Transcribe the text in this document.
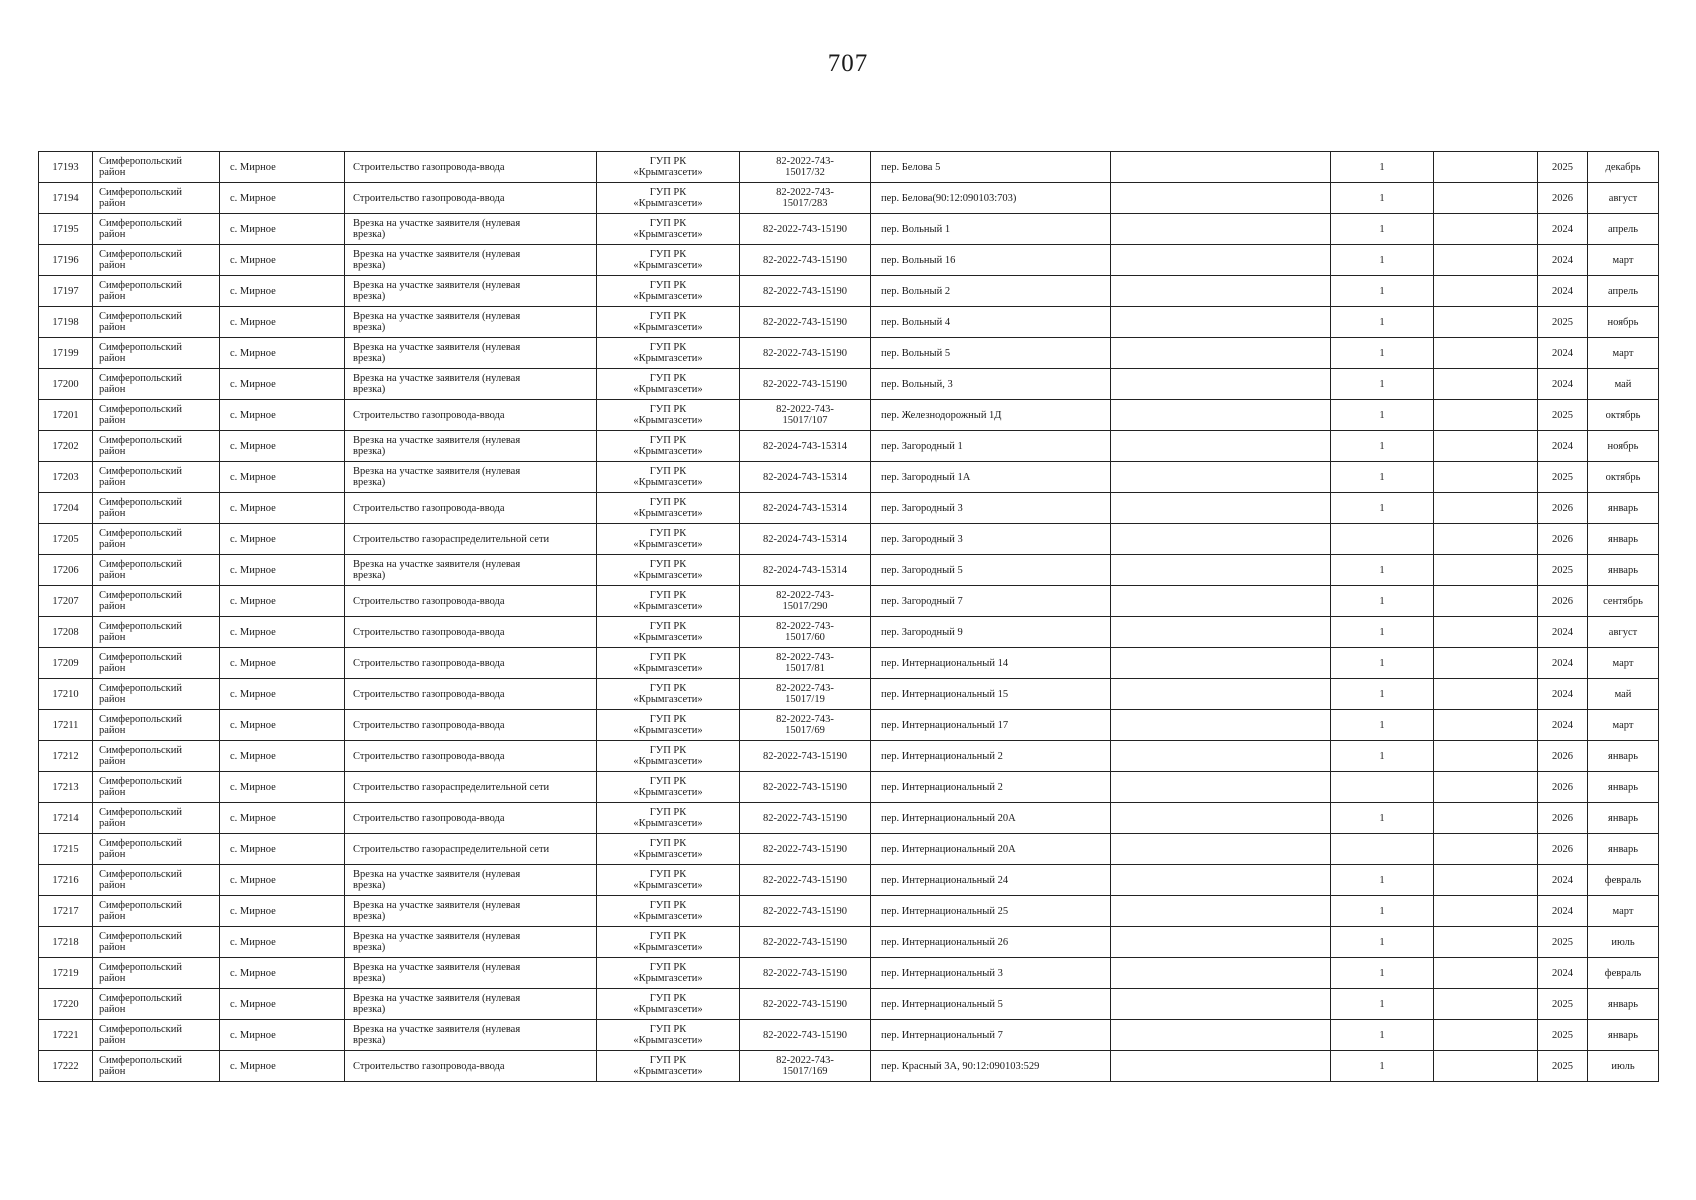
707
17193	Симферопольский
район	с. Мирное	Строительство газопровода-ввода	ГУП РК
«Крымгазсети»	82-2022-743-
15017/32	пер. Белова 5		1		2025	декабрь

17194	Симферопольский
район	с. Мирное	Строительство газопровода-ввода	ГУП РК
«Крымгазсети»	82-2022-743-
15017/283	пер. Белова(90:12:090103:703)		1		2026	август

17195	Симферопольский
район	с. Мирное	Врезка на участке заявителя (нулевая
врезка)	ГУП РК
«Крымгазсети»	82-2022-743-15190	пер. Вольный 1		1		2024	апрель

17196	Симферопольский
район	с. Мирное	Врезка на участке заявителя (нулевая
врезка)	ГУП РК
«Крымгазсети»	82-2022-743-15190	пер. Вольный 16		1		2024	март

17197	Симферопольский
район	с. Мирное	Врезка на участке заявителя (нулевая
врезка)	ГУП РК
«Крымгазсети»	82-2022-743-15190	пер. Вольный 2		1		2024	апрель

17198	Симферопольский
район	с. Мирное	Врезка на участке заявителя (нулевая
врезка)	ГУП РК
«Крымгазсети»	82-2022-743-15190	пер. Вольный 4		1		2025	ноябрь

17199	Симферопольский
район	с. Мирное	Врезка на участке заявителя (нулевая
врезка)	ГУП РК
«Крымгазсети»	82-2022-743-15190	пер. Вольный 5		1		2024	март

17200	Симферопольский
район	с. Мирное	Врезка на участке заявителя (нулевая
врезка)	ГУП РК
«Крымгазсети»	82-2022-743-15190	пер. Вольный, 3		1		2024	май

17201	Симферопольский
район	с. Мирное	Строительство газопровода-ввода	ГУП РК
«Крымгазсети»	82-2022-743-
15017/107	пер. Железнодорожный 1Д		1		2025	октябрь

17202	Симферопольский
район	с. Мирное	Врезка на участке заявителя (нулевая
врезка)	ГУП РК
«Крымгазсети»	82-2024-743-15314	пер. Загородный 1		1		2024	ноябрь

17203	Симферопольский
район	с. Мирное	Врезка на участке заявителя (нулевая
врезка)	ГУП РК
«Крымгазсети»	82-2024-743-15314	пер. Загородный 1А		1		2025	октябрь

17204	Симферопольский
район	с. Мирное	Строительство газопровода-ввода	ГУП РК
«Крымгазсети»	82-2024-743-15314	пер. Загородный 3		1		2026	январь

17205	Симферопольский
район	с. Мирное	Строительство газораспределительной сети	ГУП РК
«Крымгазсети»	82-2024-743-15314	пер. Загородный 3				2026	январь

17206	Симферопольский
район	с. Мирное	Врезка на участке заявителя (нулевая
врезка)	ГУП РК
«Крымгазсети»	82-2024-743-15314	пер. Загородный 5		1		2025	январь

17207	Симферопольский
район	с. Мирное	Строительство газопровода-ввода	ГУП РК
«Крымгазсети»	82-2022-743-
15017/290	пер. Загородный 7		1		2026	сентябрь

17208	Симферопольский
район	с. Мирное	Строительство газопровода-ввода	ГУП РК
«Крымгазсети»	82-2022-743-
15017/60	пер. Загородный 9		1		2024	август

17209	Симферопольский
район	с. Мирное	Строительство газопровода-ввода	ГУП РК
«Крымгазсети»	82-2022-743-
15017/81	пер. Интернациональный 14		1		2024	март

17210	Симферопольский
район	с. Мирное	Строительство газопровода-ввода	ГУП РК
«Крымгазсети»	82-2022-743-
15017/19	пер. Интернациональный 15		1		2024	май

17211	Симферопольский
район	с. Мирное	Строительство газопровода-ввода	ГУП РК
«Крымгазсети»	82-2022-743-
15017/69	пер. Интернациональный 17		1		2024	март

17212	Симферопольский
район	с. Мирное	Строительство газопровода-ввода	ГУП РК
«Крымгазсети»	82-2022-743-15190	пер. Интернациональный 2		1		2026	январь

17213	Симферопольский
район	с. Мирное	Строительство газораспределительной сети	ГУП РК
«Крымгазсети»	82-2022-743-15190	пер. Интернациональный 2				2026	январь

17214	Симферопольский
район	с. Мирное	Строительство газопровода-ввода	ГУП РК
«Крымгазсети»	82-2022-743-15190	пер. Интернациональный 20А		1		2026	январь

17215	Симферопольский
район	с. Мирное	Строительство газораспределительной сети	ГУП РК
«Крымгазсети»	82-2022-743-15190	пер. Интернациональный 20А				2026	январь

17216	Симферопольский
район	с. Мирное	Врезка на участке заявителя (нулевая
врезка)	ГУП РК
«Крымгазсети»	82-2022-743-15190	пер. Интернациональный 24		1		2024	февраль

17217	Симферопольский
район	с. Мирное	Врезка на участке заявителя (нулевая
врезка)	ГУП РК
«Крымгазсети»	82-2022-743-15190	пер. Интернациональный 25		1		2024	март

17218	Симферопольский
район	с. Мирное	Врезка на участке заявителя (нулевая
врезка)	ГУП РК
«Крымгазсети»	82-2022-743-15190	пер. Интернациональный 26		1		2025	июль

17219	Симферопольский
район	с. Мирное	Врезка на участке заявителя (нулевая
врезка)	ГУП РК
«Крымгазсети»	82-2022-743-15190	пер. Интернациональный 3		1		2024	февраль

17220	Симферопольский
район	с. Мирное	Врезка на участке заявителя (нулевая
врезка)	ГУП РК
«Крымгазсети»	82-2022-743-15190	пер. Интернациональный 5		1		2025	январь

17221	Симферопольский
район	с. Мирное	Врезка на участке заявителя (нулевая
врезка)	ГУП РК
«Крымгазсети»	82-2022-743-15190	пер. Интернациональный 7		1		2025	январь

17222	Симферопольский
район	с. Мирное	Строительство газопровода-ввода	ГУП РК
«Крымгазсети»	82-2022-743-
15017/169	пер. Красный 3А, 90:12:090103:529		1		2025	июль
